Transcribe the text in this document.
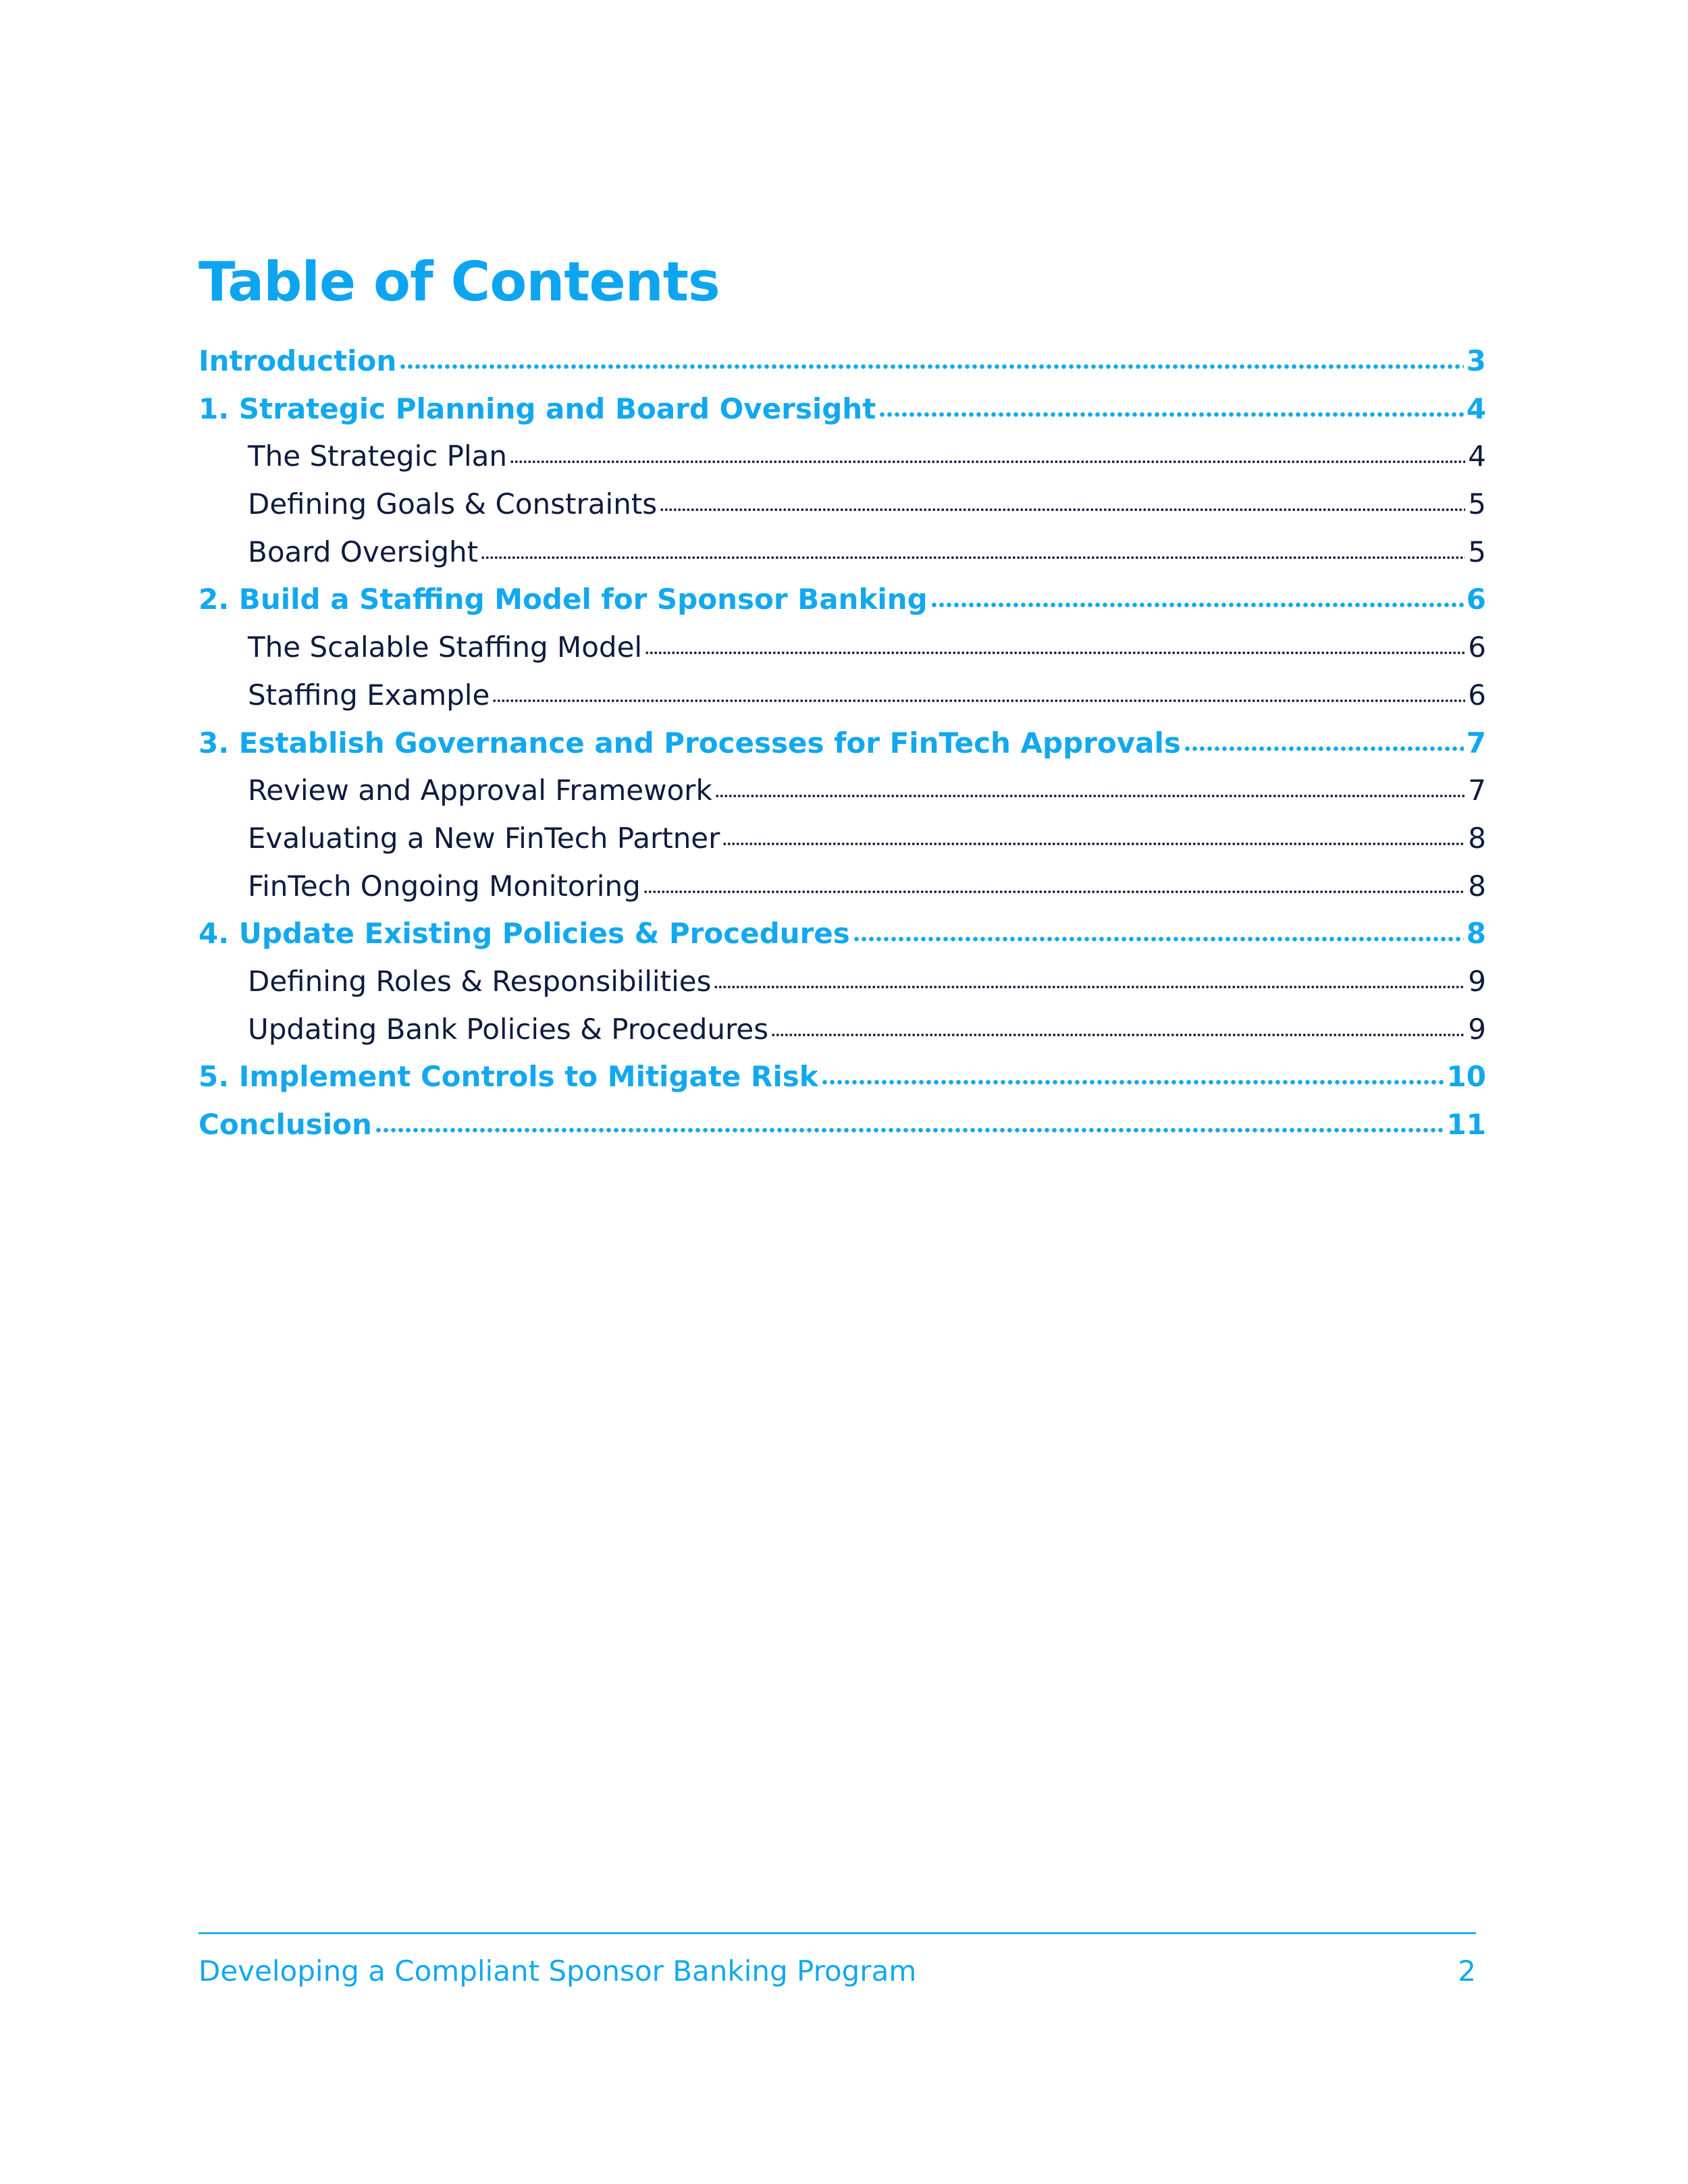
Table of Contents
Introduction	3
1. Strategic Planning and Board Oversight	4
The Strategic Plan	4
Defining Goals & Constraints	5
Board Oversight	5
2. Build a Staffing Model for Sponsor Banking	6
The Scalable Staffing Model	6
Staffing Example	6
3. Establish Governance and Processes for FinTech Approvals	7
Review and Approval Framework	7
Evaluating a New FinTech Partner	8
FinTech Ongoing Monitoring	8
4. Update Existing Policies & Procedures	8
Defining Roles & Responsibilities	9
Updating Bank Policies & Procedures	9
5. Implement Controls to Mitigate Risk	10
Conclusion	11
Developing a Compliant Sponsor Banking Program	2
